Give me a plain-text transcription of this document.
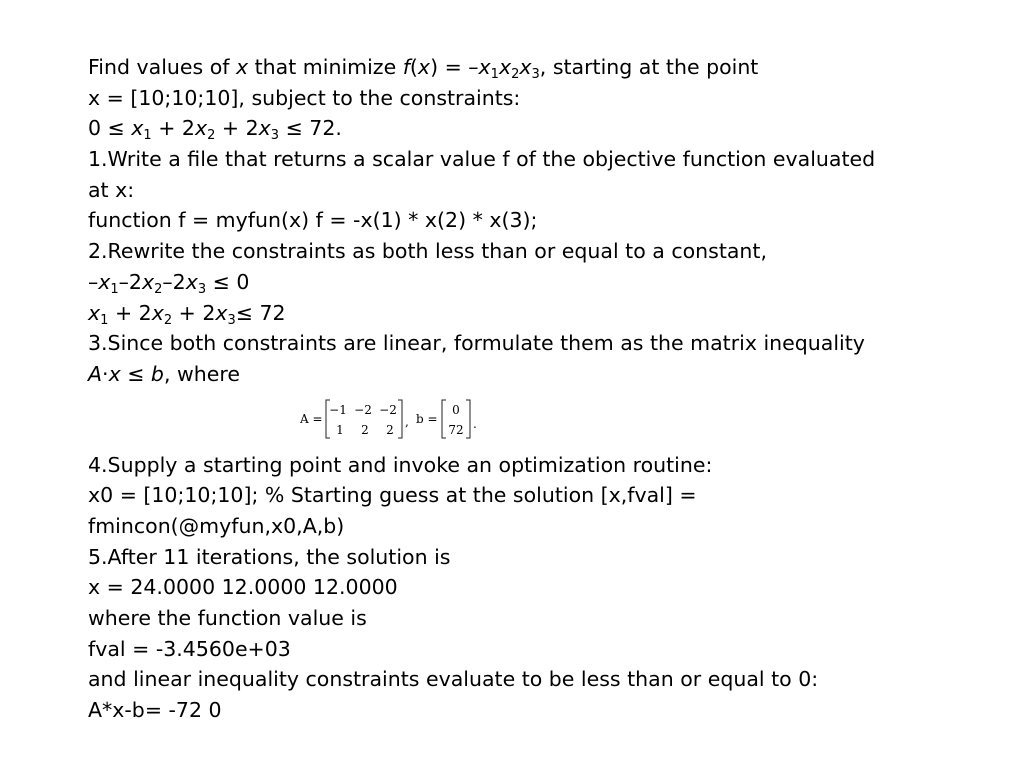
Find values of x that minimize $f(x) = -x_1x_2x_3$, starting at the point
x = [10;10;10], subject to the constraints:
$0 \le x_1 + 2x_2 + 2x_3 \le 72$.
1.Write a file that returns a scalar value f of the objective function evaluated
at x:
function f = myfun(x) f = -x(1) * x(2) * x(3);
2.Rewrite the constraints as both less than or equal to a constant,
$-x_1-2x_2-2x_3 \le 0$
$x_1 + 2x_2 + 2x_3\le 72$
3.Since both constraints are linear, formulate them as the matrix inequality
A·x ≤ b, where
A =
−1 −2 −2
1 2 2
, b =
0
72 .
4.Supply a starting point and invoke an optimization routine:
x0 = [10;10;10]; % Starting guess at the solution [x,fval] =
fmincon(@myfun,x0,A,b)
5.After 11 iterations, the solution is
x = 24.0000 12.0000 12.0000
where the function value is
fval = -3.4560e+03
and linear inequality constraints evaluate to be less than or equal to 0:
A*x-b= -72 0
